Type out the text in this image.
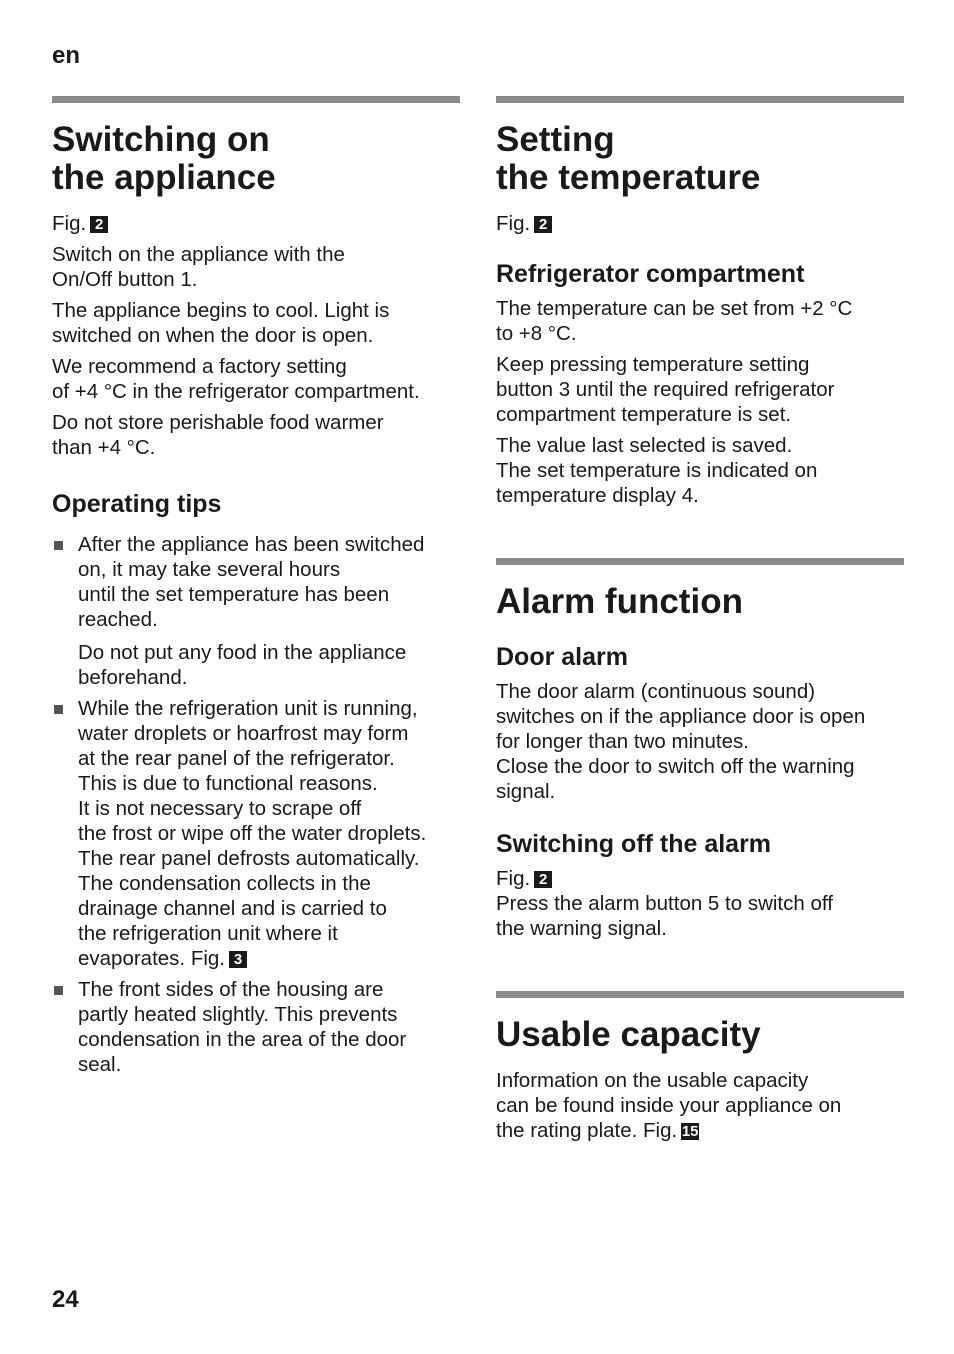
en
Switching on
the appliance

Fig. 2

Switch on the appliance with the
On/Off button 1.

The appliance begins to cool. Light is
switched on when the door is open.

We recommend a factory setting
of +4 °C in the refrigerator compartment.

Do not store perishable food warmer
than +4 °C.

Operating tips

After the appliance has been switched
on, it may take several hours
until the set temperature has been
reached.

Do not put any food in the appliance
beforehand.

While the refrigeration unit is running,
water droplets or hoarfrost may form
at the rear panel of the refrigerator.
This is due to functional reasons.
It is not necessary to scrape off
the frost or wipe off the water droplets.
The rear panel defrosts automatically.
The condensation collects in the
drainage channel and is carried to
the refrigeration unit where it
evaporates. Fig. 3

The front sides of the housing are
partly heated slightly. This prevents
condensation in the area of the door
seal.

Setting
the temperature

Fig. 2

Refrigerator compartment

The temperature can be set from +2 °C
to +8 °C.

Keep pressing temperature setting
button 3 until the required refrigerator
compartment temperature is set.

The value last selected is saved.
The set temperature is indicated on
temperature display 4.

Alarm function
Door alarm

The door alarm (continuous sound)
switches on if the appliance door is open
for longer than two minutes.
Close the door to switch off the warning
signal.

Switching off the alarm

Fig. 2

Press the alarm button 5 to switch off
the warning signal.

Usable capacity

Information on the usable capacity
can be found inside your appliance on
the rating plate. Fig. 15

24
